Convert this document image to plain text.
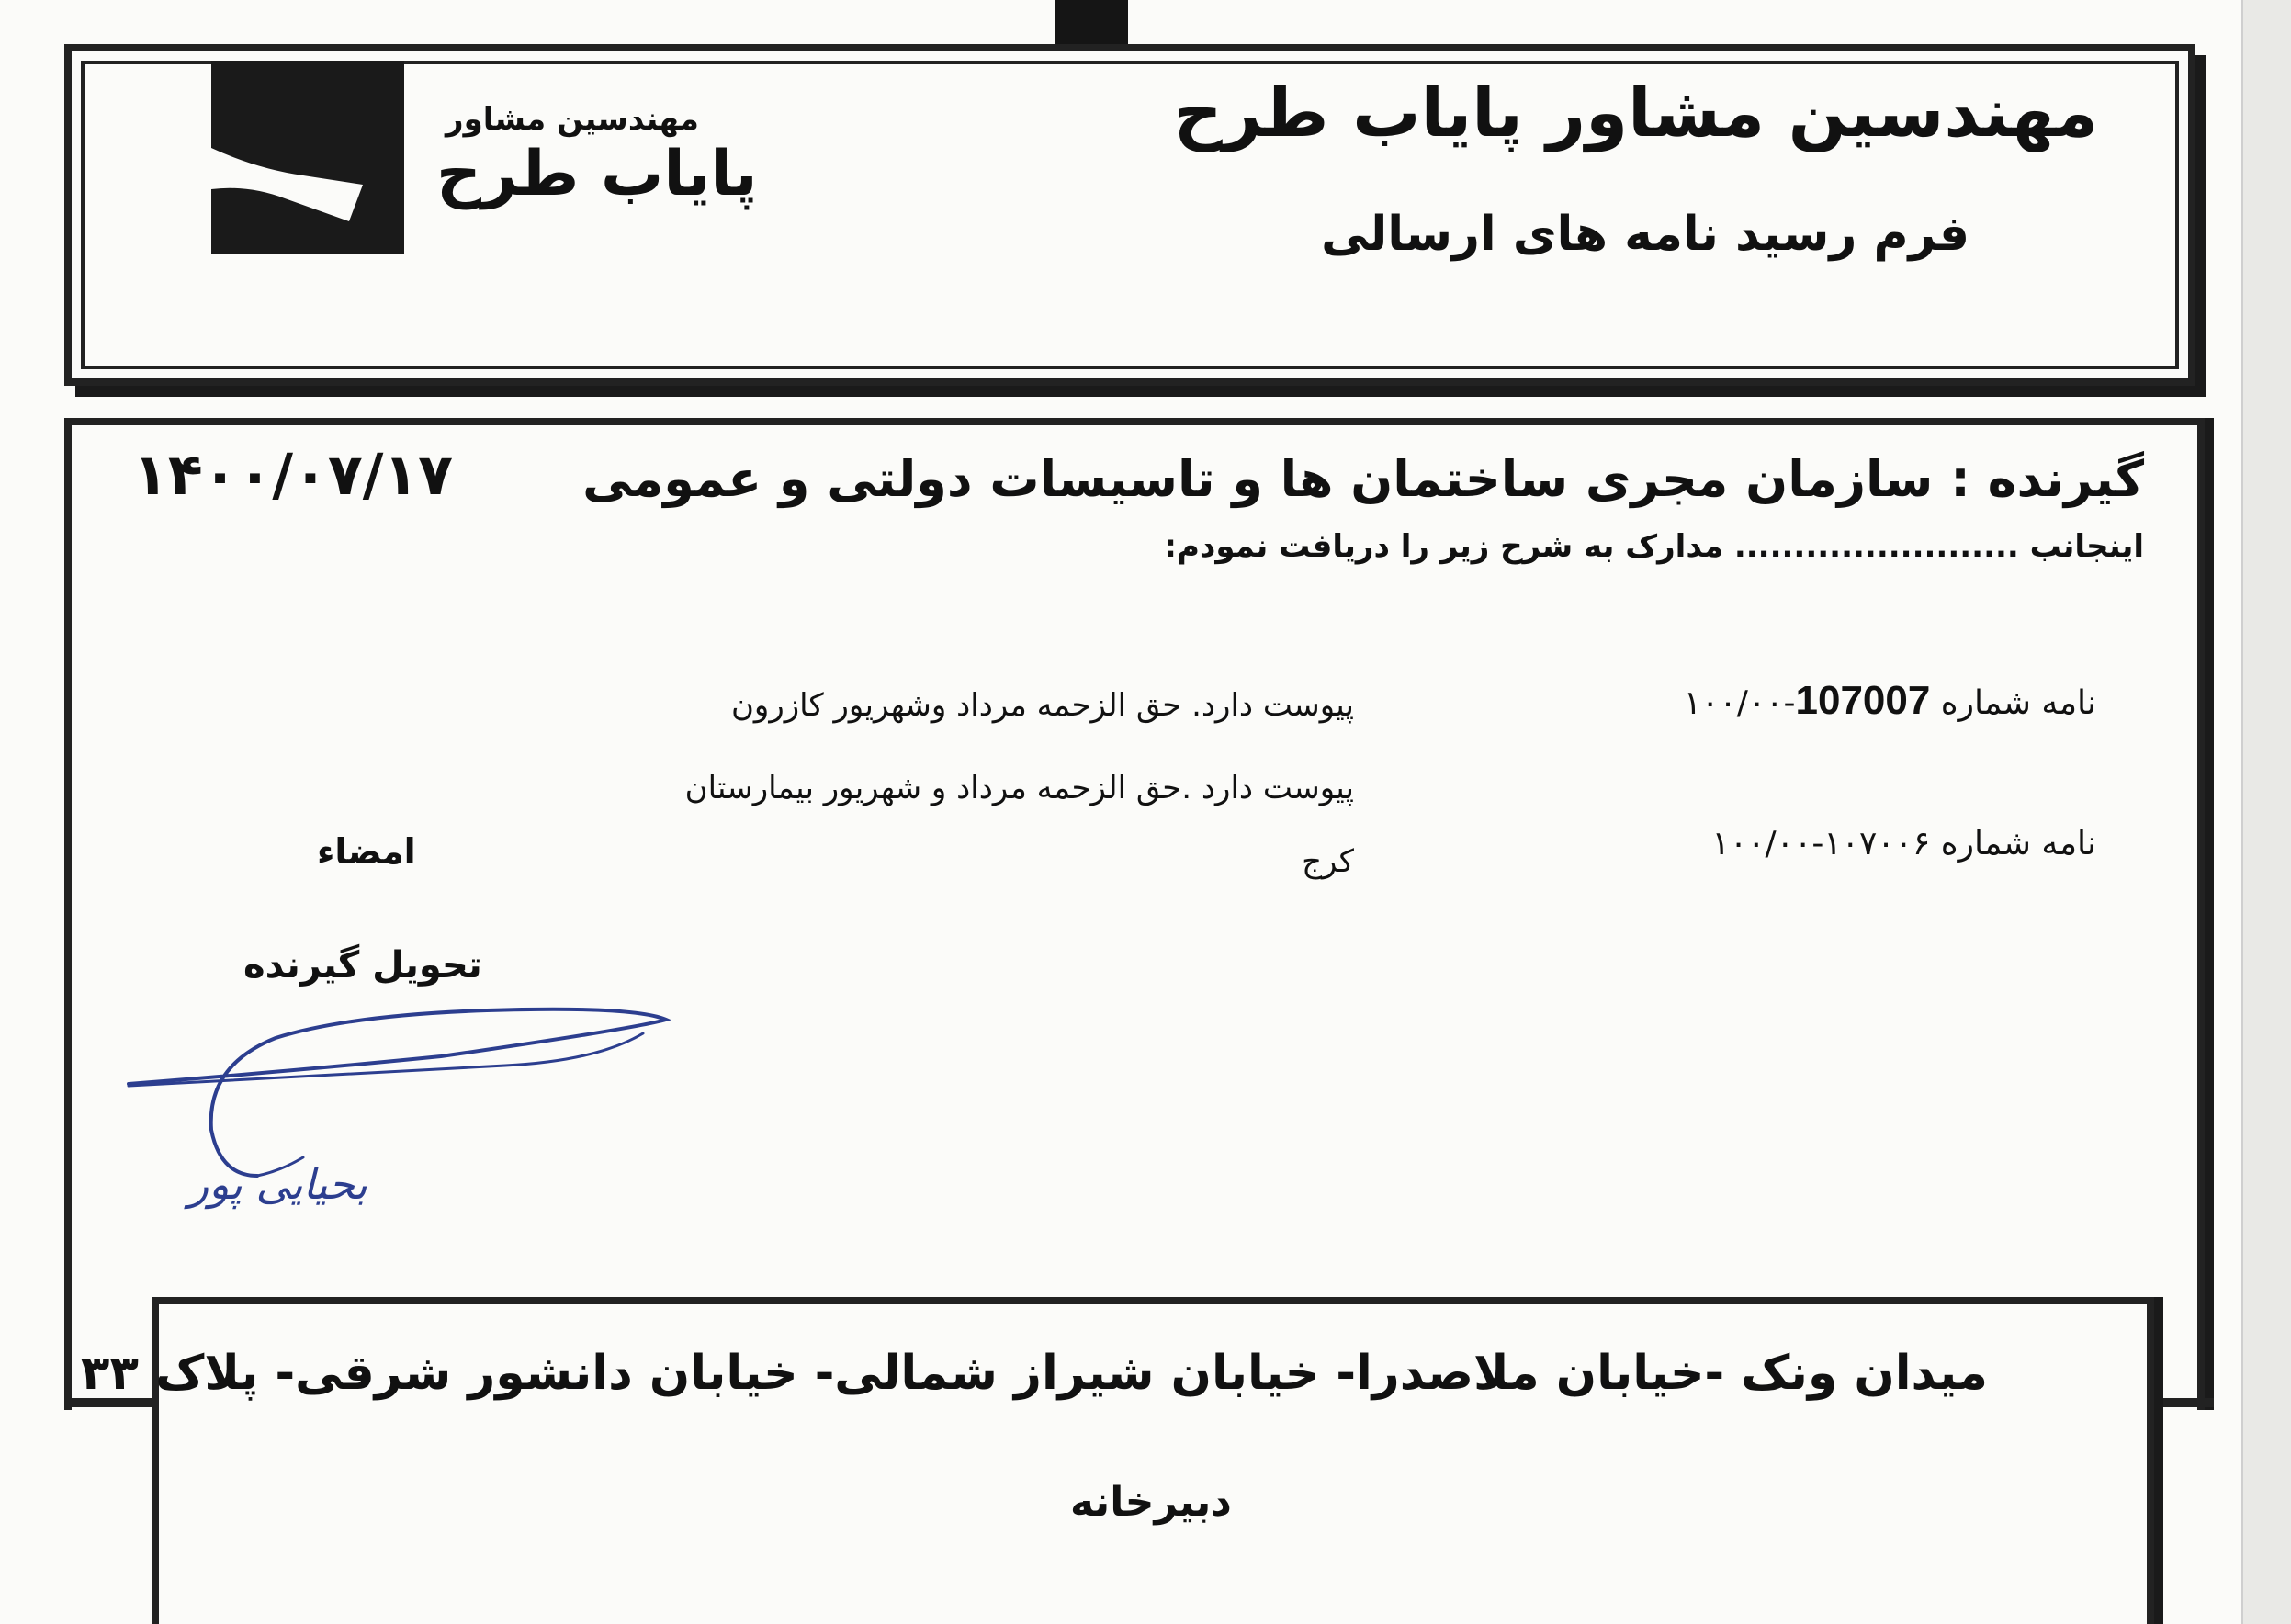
مهندسین مشاور
پایاب طرح
مهندسین مشاور پایاب طرح
فرم رسید نامه های ارسالی
۱۴۰۰/۰۷/۱۷	گیرنده : سازمان مجری ساختمان ها و تاسیسات دولتی و عمومی
اینجانب ........................ مدارک به شرح زیر را دریافت نمودم:
نامه شماره 107007-۱۰۰/۰۰
پیوست دارد. حق الزحمه مرداد وشهریور کازرون
پیوست دارد .حق الزحمه مرداد و شهریور بیمارستان
نامه شماره ۱۰۷۰۰۶-۱۰۰/۰۰
کرج
امضاء
تحویل گیرنده
بحیایی پور
میدان ونک -خیابان ملاصدرا- خیابان شیراز شمالی- خیابان دانشور شرقی- پلاک ۳۳
دبیرخانه
